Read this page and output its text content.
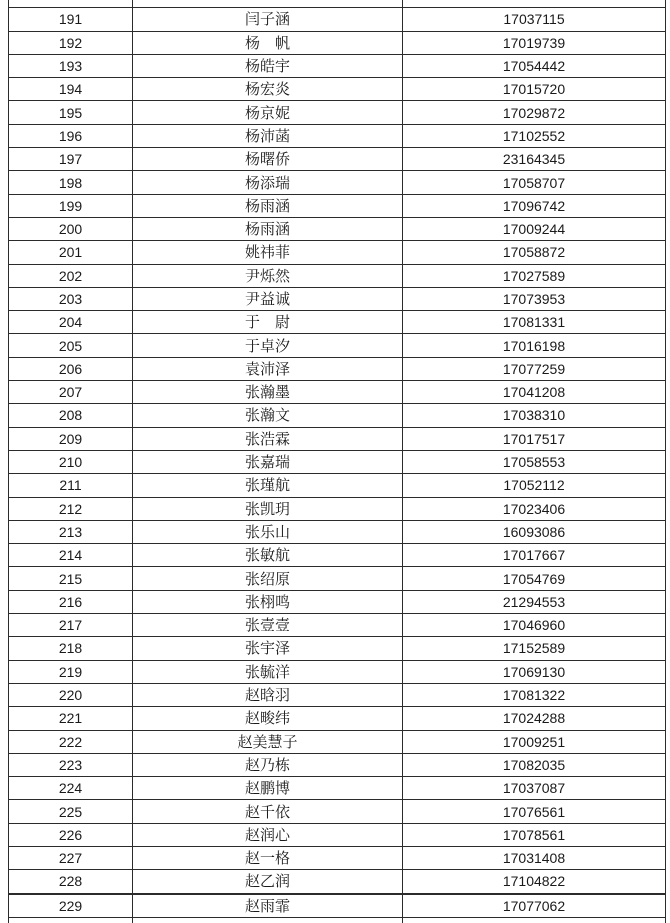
191	闫子涵	17037115
192	杨　帆	17019739
193	杨皓宇	17054442
194	杨宏炎	17015720
195	杨京妮	17029872
196	杨沛菡	17102552
197	杨曙侨	23164345
198	杨添瑞	17058707
199	杨雨涵	17096742
200	杨雨涵	17009244
201	姚祎菲	17058872
202	尹烁然	17027589
203	尹益诚	17073953
204	于　尉	17081331
205	于卓汐	17016198
206	袁沛泽	17077259
207	张瀚墨	17041208
208	张瀚文	17038310
209	张浩霖	17017517
210	张嘉瑞	17058553
211	张瑾航	17052112
212	张凯玥	17023406
213	张乐山	16093086
214	张敏航	17017667
215	张绍原	17054769
216	张栩鸣	21294553
217	张壹壹	17046960
218	张宇泽	17152589
219	张毓洋	17069130
220	赵晗羽	17081322
221	赵畯纬	17024288
222	赵美慧子	17009251
223	赵乃栋	17082035
224	赵鹏博	17037087
225	赵千依	17076561
226	赵润心	17078561
227	赵一格	17031408
228	赵乙润	17104822
229	赵雨霏	17077062
